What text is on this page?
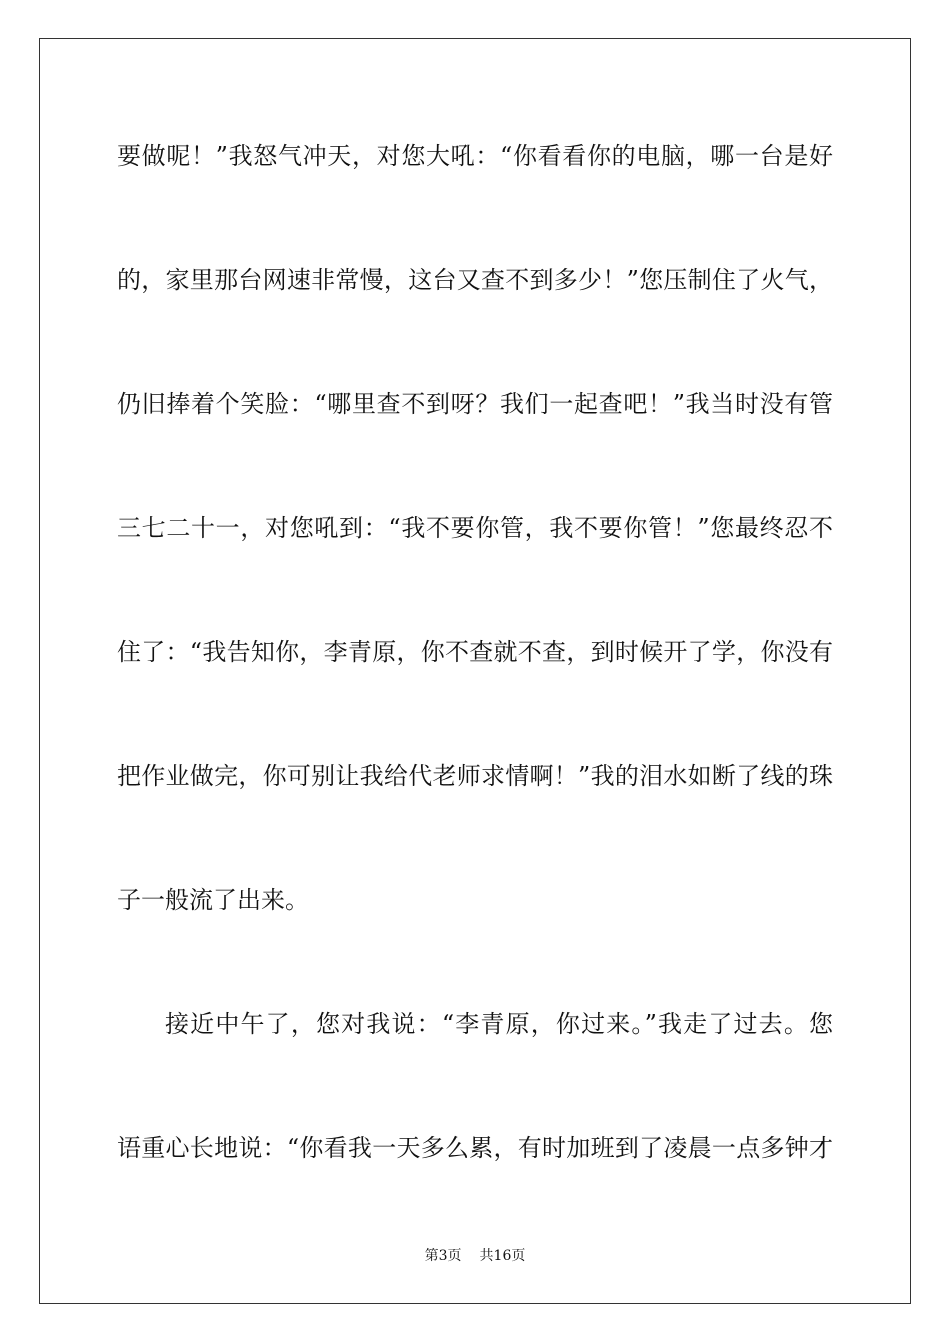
要做呢！”我怒气冲天，对您大吼：“你看看你的电脑，哪一台是好
的，家里那台网速非常慢，这台又查不到多少！”您压制住了火气，
仍旧捧着个笑脸：“哪里查不到呀？我们一起查吧！”我当时没有管
三七二十一，对您吼到：“我不要你管，我不要你管！”您最终忍不
住了：“我告知你，李青原，你不查就不查，到时候开了学，你没有
把作业做完，你可别让我给代老师求情啊！”我的泪水如断了线的珠
子一般流了出来。
接近中午了，您对我说：“李青原，你过来。”我走了过去。您
语重心长地说：“你看我一天多么累，有时加班到了凌晨一点多钟才
第3页 共16页
